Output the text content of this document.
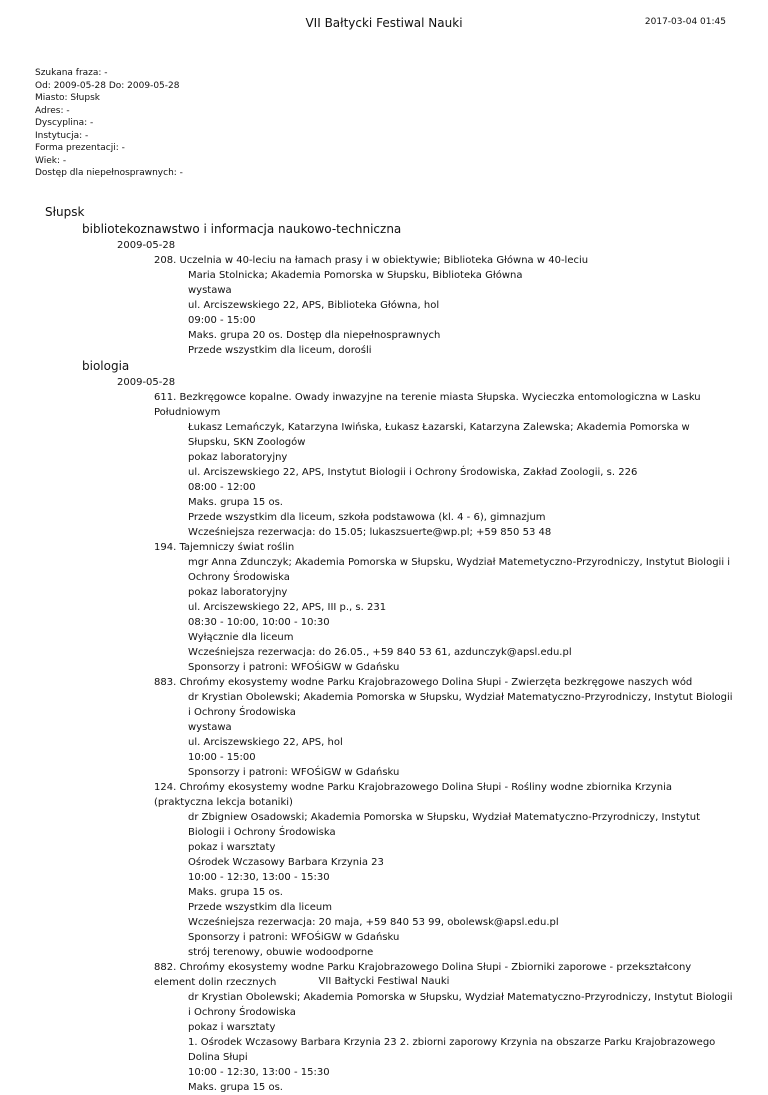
VII Bałtycki Festiwal Nauki	2017-03-04 01:45
Szukana fraza: -
Od: 2009-05-28 Do: 2009-05-28
Miasto: Słupsk
Adres: -
Dyscyplina: -
Instytucja: -
Forma prezentacji: -
Wiek: -
Dostęp dla niepełnosprawnych: -
Słupsk
bibliotekoznawstwo i informacja naukowo-techniczna
2009-05-28
208. Uczelnia w 40-leciu na łamach prasy i w obiektywie; Biblioteka Główna w 40-leciu
Maria Stolnicka; Akademia Pomorska w Słupsku, Biblioteka Główna
wystawa
ul. Arciszewskiego 22, APS, Biblioteka Główna, hol
09:00 - 15:00
Maks. grupa 20 os. Dostęp dla niepełnosprawnych
Przede wszystkim dla liceum, dorośli
biologia
2009-05-28
611. Bezkręgowce kopalne. Owady inwazyjne na terenie miasta Słupska. Wycieczka entomologiczna w Lasku Południowym
Łukasz Lemańczyk, Katarzyna Iwińska, Łukasz Łazarski, Katarzyna Zalewska; Akademia Pomorska w Słupsku, SKN Zoologów
pokaz laboratoryjny
ul. Arciszewskiego 22, APS, Instytut Biologii i Ochrony Środowiska, Zakład Zoologii, s. 226
08:00 - 12:00
Maks. grupa 15 os.
Przede wszystkim dla liceum, szkoła podstawowa (kl. 4 - 6), gimnazjum
Wcześniejsza rezerwacja: do 15.05; lukaszsuerte@wp.pl; +59 850 53 48
194. Tajemniczy świat roślin
mgr Anna Zdunczyk; Akademia Pomorska w Słupsku, Wydział Matemetyczno-Przyrodniczy, Instytut Biologii i Ochrony Środowiska
pokaz laboratoryjny
ul. Arciszewskiego 22, APS, III p., s. 231
08:30 - 10:00, 10:00 - 10:30
Wyłącznie dla liceum
Wcześniejsza rezerwacja: do 26.05., +59 840 53 61, azdunczyk@apsl.edu.pl
Sponsorzy i patroni: WFOŚiGW w Gdańsku
883. Chrońmy ekosystemy wodne Parku Krajobrazowego Dolina Słupi - Zwierzęta bezkręgowe naszych wód
dr Krystian Obolewski; Akademia Pomorska w Słupsku, Wydział Matematyczno-Przyrodniczy, Instytut Biologii i Ochrony Środowiska
wystawa
ul. Arciszewskiego 22, APS, hol
10:00 - 15:00
Sponsorzy i patroni: WFOŚiGW w Gdańsku
124. Chrońmy ekosystemy wodne Parku Krajobrazowego Dolina Słupi - Rośliny wodne zbiornika Krzynia (praktyczna lekcja botaniki)
dr Zbigniew Osadowski; Akademia Pomorska w Słupsku, Wydział Matematyczno-Przyrodniczy, Instytut Biologii i Ochrony Środowiska
pokaz i warsztaty
Ośrodek Wczasowy Barbara Krzynia 23
10:00 - 12:30, 13:00 - 15:30
Maks. grupa 15 os.
Przede wszystkim dla liceum
Wcześniejsza rezerwacja: 20 maja, +59 840 53 99, obolewsk@apsl.edu.pl
Sponsorzy i patroni: WFOŚiGW w Gdańsku
strój terenowy, obuwie wodoodporne
882. Chrońmy ekosystemy wodne Parku Krajobrazowego Dolina Słupi - Zbiorniki zaporowe - przekształcony element dolin rzecznych
dr Krystian Obolewski; Akademia Pomorska w Słupsku, Wydział Matematyczno-Przyrodniczy, Instytut Biologii i Ochrony Środowiska
pokaz i warsztaty
1. Ośrodek Wczasowy Barbara Krzynia 23 2. zbiorni zaporowy Krzynia na obszarze Parku Krajobrazowego Dolina Słupi
10:00 - 12:30, 13:00 - 15:30
Maks. grupa 15 os.
VII Bałtycki Festiwal Nauki
